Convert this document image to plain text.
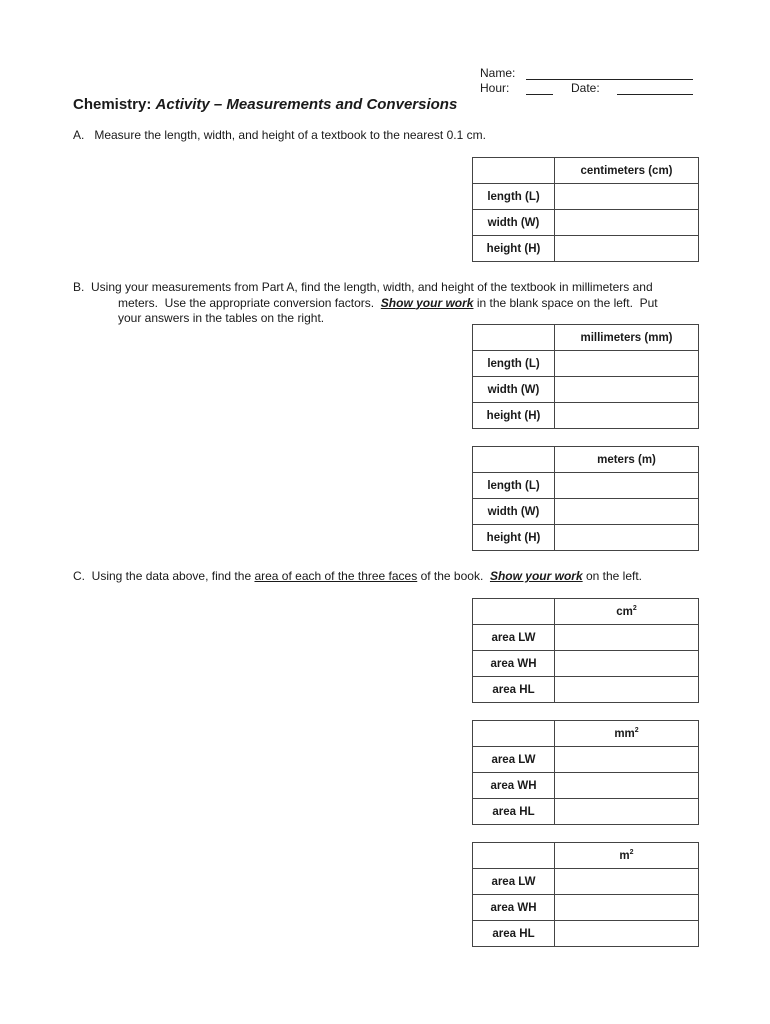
Name:
Hour:	Date:
Chemistry: Activity – Measurements and Conversions
A.   Measure the length, width, and height of a textbook to the nearest 0.1 cm.
	centimeters (cm)
length (L)	
width (W)	
height (H)	
B.  Using your measurements from Part A, find the length, width, and height of the textbook in millimeters and
meters.  Use the appropriate conversion factors.  Show your work in the blank space on the left.  Put
your answers in the tables on the right.
	millimeters (mm)
length (L)	
width (W)	
height (H)	
	meters (m)
length (L)	
width (W)	
height (H)	
C.  Using the data above, find the area of each of the three faces of the book.  Show your work on the left.
	$cm^2$
area LW	
area WH	
area HL	
	$mm^2$
area LW	
area WH	
area HL	
	$m^2$
area LW	
area WH	
area HL	
